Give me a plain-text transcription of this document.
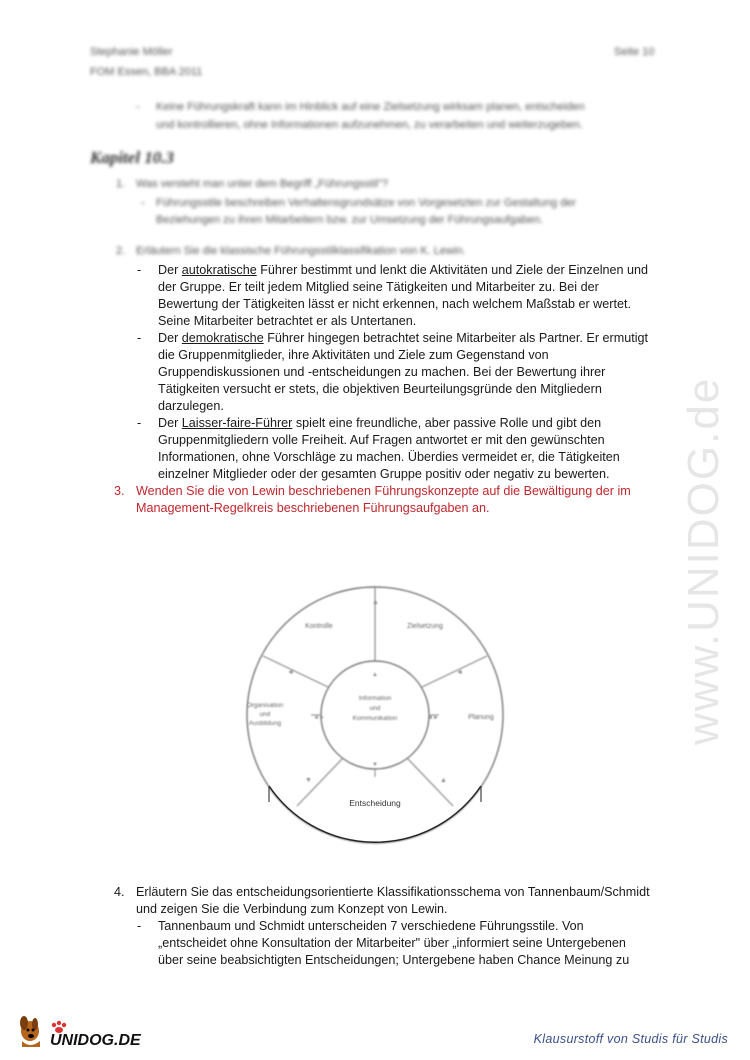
Stephanie Möller
FOM Essen, BBA 2011
Seite 10
- Keine Führungskraft kann im Hinblick auf eine Zielsetzung wirksam planen, entscheiden
und kontrollieren, ohne Informationen aufzunehmen, zu verarbeiten und weiterzugeben.
Kapitel 10.3
1. Was versteht man unter dem Begriff „Führungsstil"?
- Führungsstile beschreiben Verhaltensgrundsätze von Vorgesetzten zur Gestaltung der
Beziehungen zu ihren Mitarbeitern bzw. zur Umsetzung der Führungsaufgaben.
2. Erläutern Sie die klassische Führungsstilklassifikation von K. Lewin.
- Der autokratische Führer bestimmt und lenkt die Aktivitäten und Ziele der Einzelnen und
der Gruppe. Er teilt jedem Mitglied seine Tätigkeiten und Mitarbeiter zu. Bei der
Bewertung der Tätigkeiten lässt er nicht erkennen, nach welchem Maßstab er wertet.
Seine Mitarbeiter betrachtet er als Untertanen.
- Der demokratische Führer hingegen betrachtet seine Mitarbeiter als Partner. Er ermutigt
die Gruppenmitglieder, ihre Aktivitäten und Ziele zum Gegenstand von
Gruppendiskussionen und -entscheidungen zu machen. Bei der Bewertung ihrer
Tätigkeiten versucht er stets, die objektiven Beurteilungsgründe den Mitgliedern
darzulegen.
- Der Laisser-faire-Führer spielt eine freundliche, aber passive Rolle und gibt den
Gruppenmitgliedern volle Freiheit. Auf Fragen antwortet er mit den gewünschten
Informationen, ohne Vorschläge zu machen. Überdies vermeidet er, die Tätigkeiten
einzelner Mitglieder oder der gesamten Gruppe positiv oder negativ zu bewerten.
3. Wenden Sie die von Lewin beschriebenen Führungskonzepte auf die Bewältigung der im
Management-Regelkreis beschriebenen Führungsaufgaben an.
▲
◄	◄
▼	▲
◄►	◄►
▲
▼
Kontrolle	Zielsetzung
Planung
Organisation
und
Ausbildung
Information
und
Kommunikation
Entscheidung
4. Erläutern Sie das entscheidungsorientierte Klassifikationsschema von Tannenbaum/Schmidt
und zeigen Sie die Verbindung zum Konzept von Lewin.
- Tannenbaum und Schmidt unterscheiden 7 verschiedene Führungsstile. Von
„entscheidet ohne Konsultation der Mitarbeiter" über „informiert seine Untergebenen
über seine beabsichtigten Entscheidungen; Untergebene haben Chance Meinung zu
www.UNIDOG.de
UNIDOG.DE	Klausurstoff von Studis für Studis
